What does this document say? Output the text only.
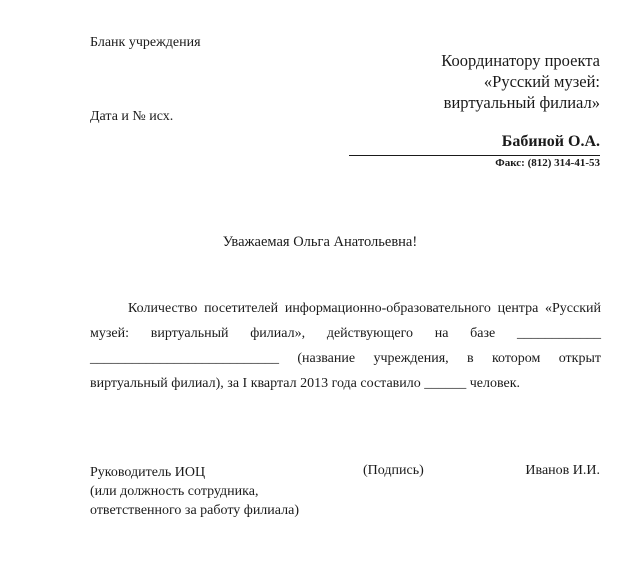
Бланк учреждения
Координатору проекта
«Русский музей:
виртуальный филиал»
Дата и № исх.
Бабиной О.А.
Факс: (812) 314-41-53
Уважаемая Ольга Анатольевна!
Количество посетителей информационно-образовательного центра «Русский музей: виртуальный филиал», действующего на базе ____________ ___________________________ (название учреждения, в котором открыт виртуальный филиал), за I квартал 2013 года составило ______ человек.
Руководитель ИОЦ
(или должность сотрудника,
ответственного за работу филиала)
(Подпись)	Иванов И.И.
